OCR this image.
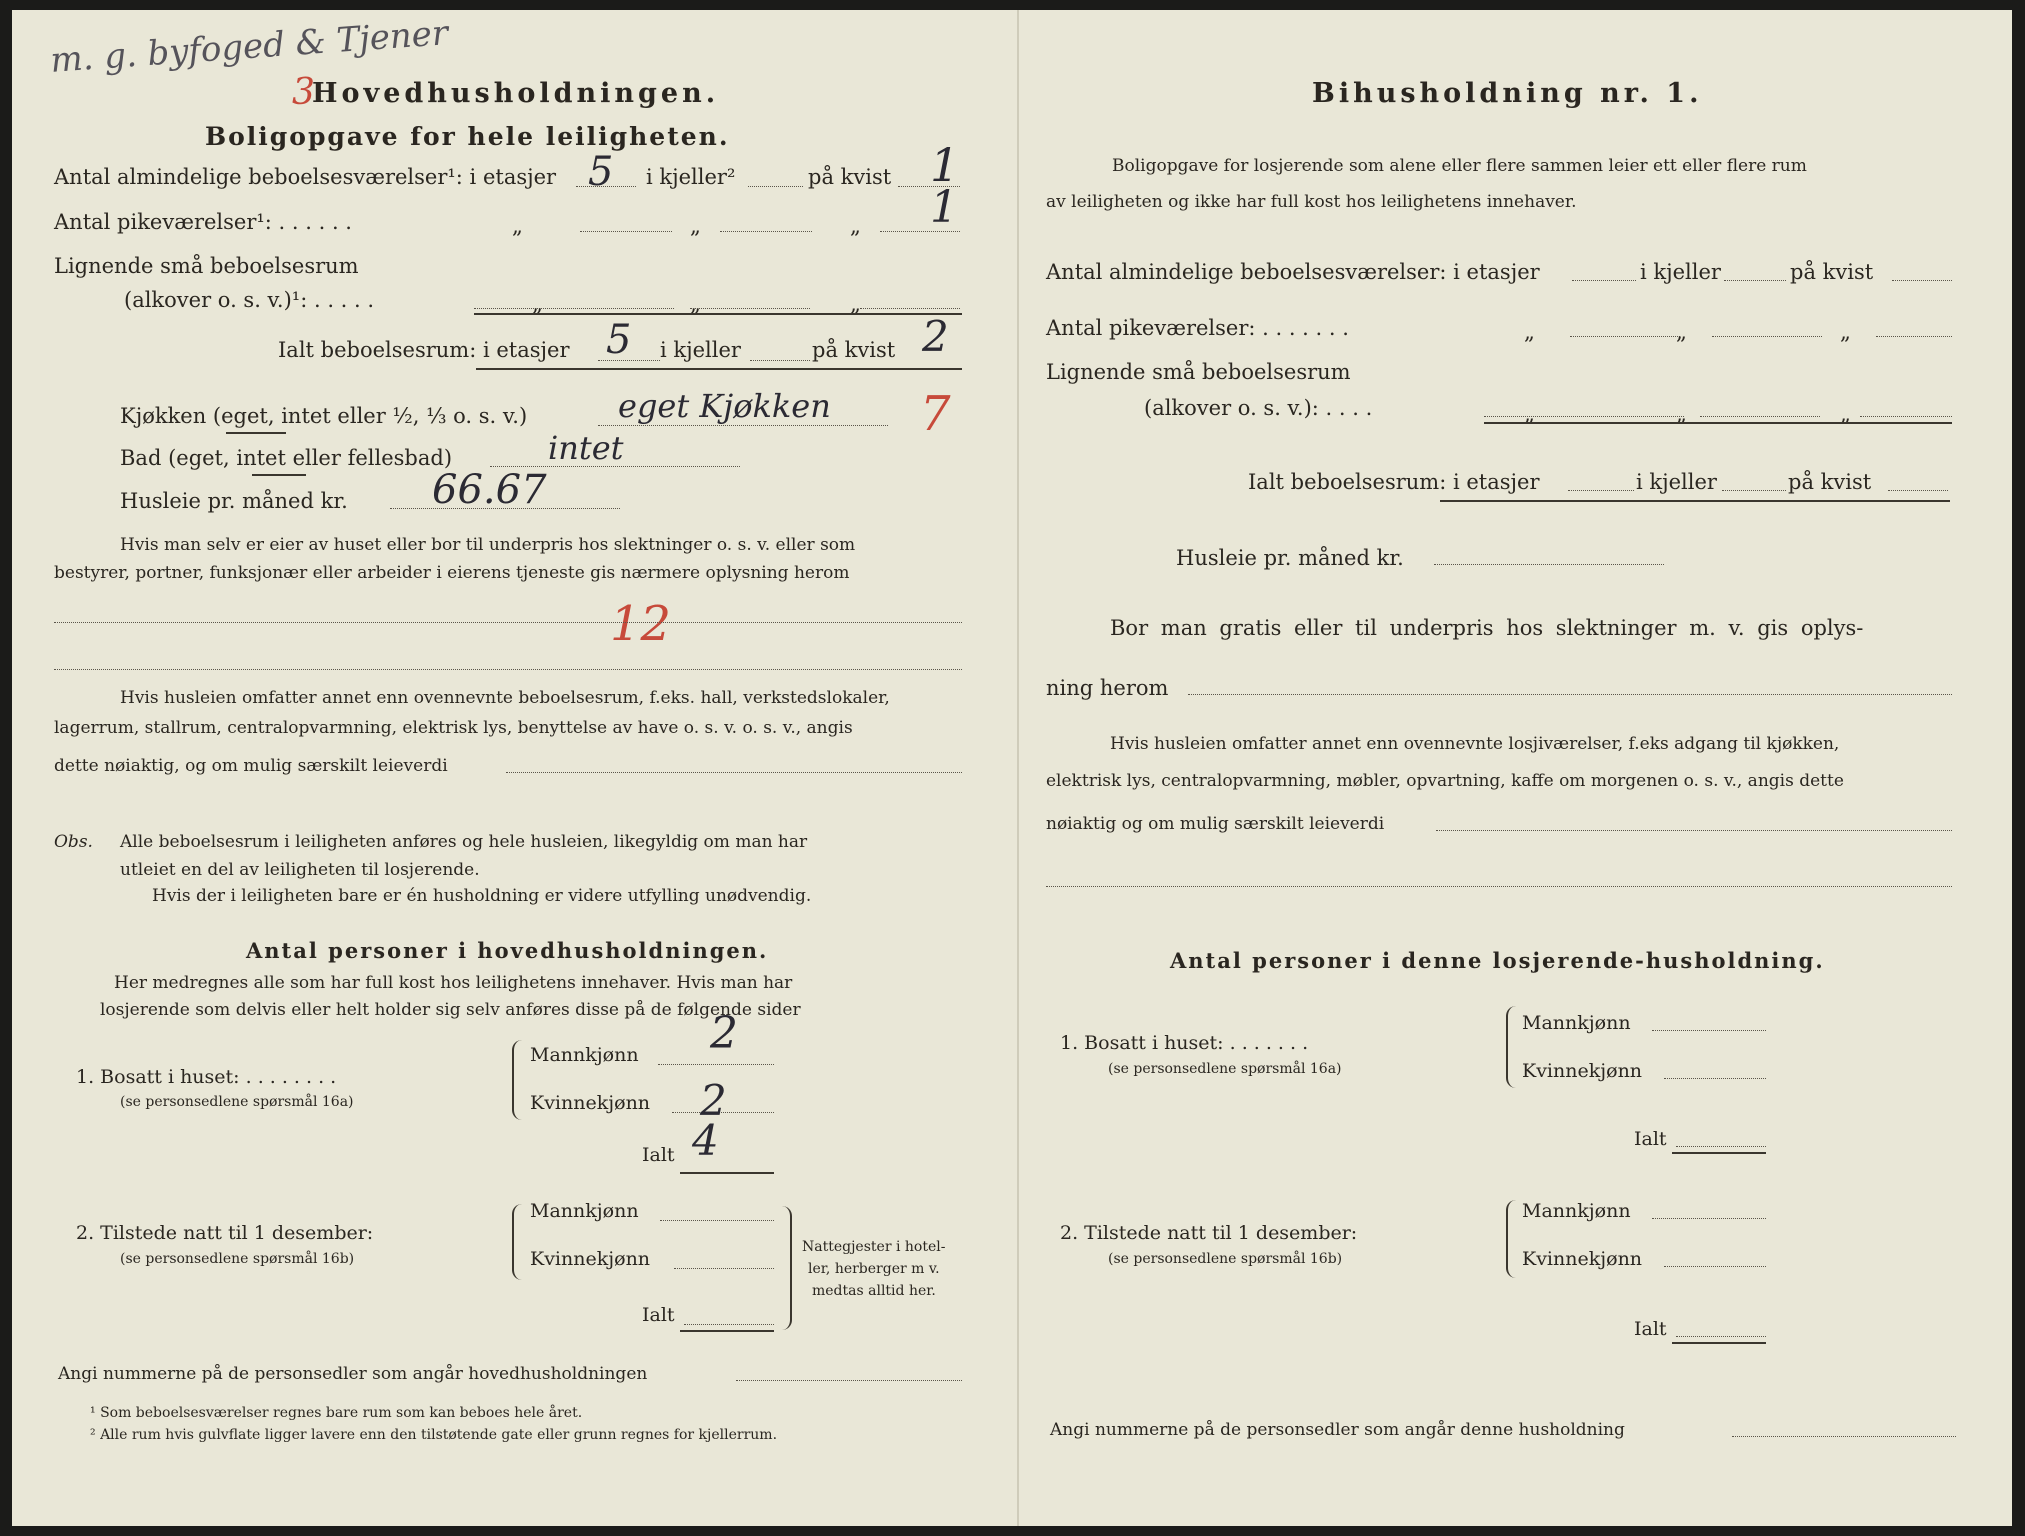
m. g. byfoged & Tjener
3
Hovedhusholdningen.
Boligopgave for hele leiligheten.
Antal almindelige beboelsesværelser¹: i etasjer 5 i kjeller²	på kvist 1
Antal pikeværelser¹: . . . . . .	„	„	„ 1
Lignende små beboelsesrum
(alkover o. s. v.)¹: . . . . .	„	„	„
Ialt beboelsesrum: i etasjer 5 i kjeller	på kvist 2
Kjøkken (eget, intet eller ½, ⅓ o. s. v.)	eget Kjøkken 7
Bad (eget, intet eller fellesbad)	intet
Husleie pr. måned kr. 66.67
Hvis man selv er eier av huset eller bor til underpris hos slektninger o. s. v. eller som
bestyrer, portner, funksjonær eller arbeider i eierens tjeneste gis nærmere oplysning herom
12
Hvis husleien omfatter annet enn ovennevnte beboelsesrum, f.eks. hall, verkstedslokaler,
lagerrum, stallrum, centralopvarmning, elektrisk lys, benyttelse av have o. s. v. o. s. v., angis
dette nøiaktig, og om mulig særskilt leieverdi
Obs. Alle beboelsesrum i leiligheten anføres og hele husleien, likegyldig om man har
utleiet en del av leiligheten til losjerende.
Hvis der i leiligheten bare er én husholdning er videre utfylling unødvendig.
Antal personer i hovedhusholdningen.
Her medregnes alle som har full kost hos leilighetens innehaver. Hvis man har
losjerende som delvis eller helt holder sig selv anføres disse på de følgende sider
1. Bosatt i huset: . . . . . . . .
(se personsedlene spørsmål 16a)
Mannkjønn 2
Kvinnekjønn 2
Ialt 4
2. Tilstede natt til 1 desember:
(se personsedlene spørsmål 16b)
Mannkjønn
Kvinnekjønn
Ialt
Nattegjester i hotel-
ler, herberger m v.
medtas alltid her.
Angi nummerne på de personsedler som angår hovedhusholdningen
¹ Som beboelsesværelser regnes bare rum som kan beboes hele året.
² Alle rum hvis gulvflate ligger lavere enn den tilstøtende gate eller grunn regnes for kjellerrum.
Bihusholdning nr. 1.
Boligopgave for losjerende som alene eller flere sammen leier ett eller flere rum
av leiligheten og ikke har full kost hos leilighetens innehaver.
Antal almindelige beboelsesværelser: i etasjer	i kjeller	på kvist
Antal pikeværelser: . . . . . . .	„	„	„
Lignende små beboelsesrum
(alkover o. s. v.): . . . .	„	„	„
Ialt beboelsesrum: i etasjer	i kjeller	på kvist
Husleie pr. måned kr.
Bor man gratis eller til underpris hos slektninger m. v. gis oplys-
ning herom
Hvis husleien omfatter annet enn ovennevnte losjiværelser, f.eks adgang til kjøkken,
elektrisk lys, centralopvarmning, møbler, opvartning, kaffe om morgenen o. s. v., angis dette
nøiaktig og om mulig særskilt leieverdi
Antal personer i denne losjerende-husholdning.
1. Bosatt i huset: . . . . . . .
(se personsedlene spørsmål 16a)
Mannkjønn
Kvinnekjønn
Ialt
2. Tilstede natt til 1 desember:
(se personsedlene spørsmål 16b)
Mannkjønn
Kvinnekjønn
Ialt
Angi nummerne på de personsedler som angår denne husholdning
